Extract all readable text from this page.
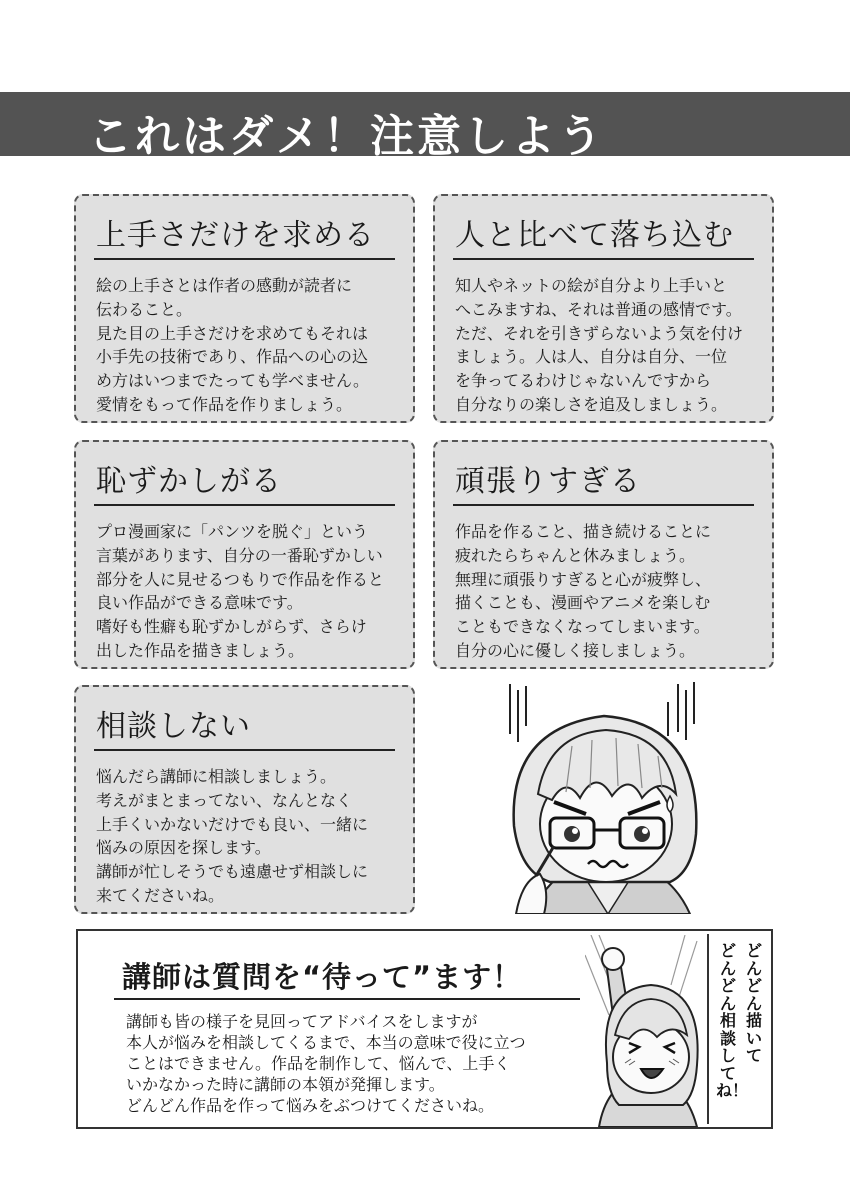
これはダメ！注意しよう
上手さだけを求める
絵の上手さとは作者の感動が読者に
伝わること。
見た目の上手さだけを求めてもそれは
小手先の技術であり、作品への心の込
め方はいつまでたっても学べません。
愛情をもって作品を作りましょう。
人と比べて落ち込む
知人やネットの絵が自分より上手いと
へこみますね、それは普通の感情です。
ただ、それを引きずらないよう気を付け
ましょう。人は人、自分は自分、一位
を争ってるわけじゃないんですから
自分なりの楽しさを追及しましょう。
恥ずかしがる
プロ漫画家に「パンツを脱ぐ」という
言葉があります、自分の一番恥ずかしい
部分を人に見せるつもりで作品を作ると
良い作品ができる意味です。
嗜好も性癖も恥ずかしがらず、さらけ
出した作品を描きましょう。
頑張りすぎる
作品を作ること、描き続けることに
疲れたらちゃんと休みましょう。
無理に頑張りすぎると心が疲弊し、
描くことも、漫画やアニメを楽しむ
こともできなくなってしまいます。
自分の心に優しく接しましょう。
相談しない
悩んだら講師に相談しましょう。
考えがまとまってない、なんとなく
上手くいかないだけでも良い、一緒に
悩みの原因を探します。
講師が忙しそうでも遠慮せず相談しに
来てくださいね。
講師は質問を“待って”ます！
講師も皆の様子を見回ってアドバイスをしますが
本人が悩みを相談してくるまで、本当の意味で役に立つ
ことはできません。作品を制作して、悩んで、上手く
いかなかった時に講師の本領が発揮します。
どんどん作品を作って悩みをぶつけてくださいね。
どんどん描いて
どんどん相談してね！
